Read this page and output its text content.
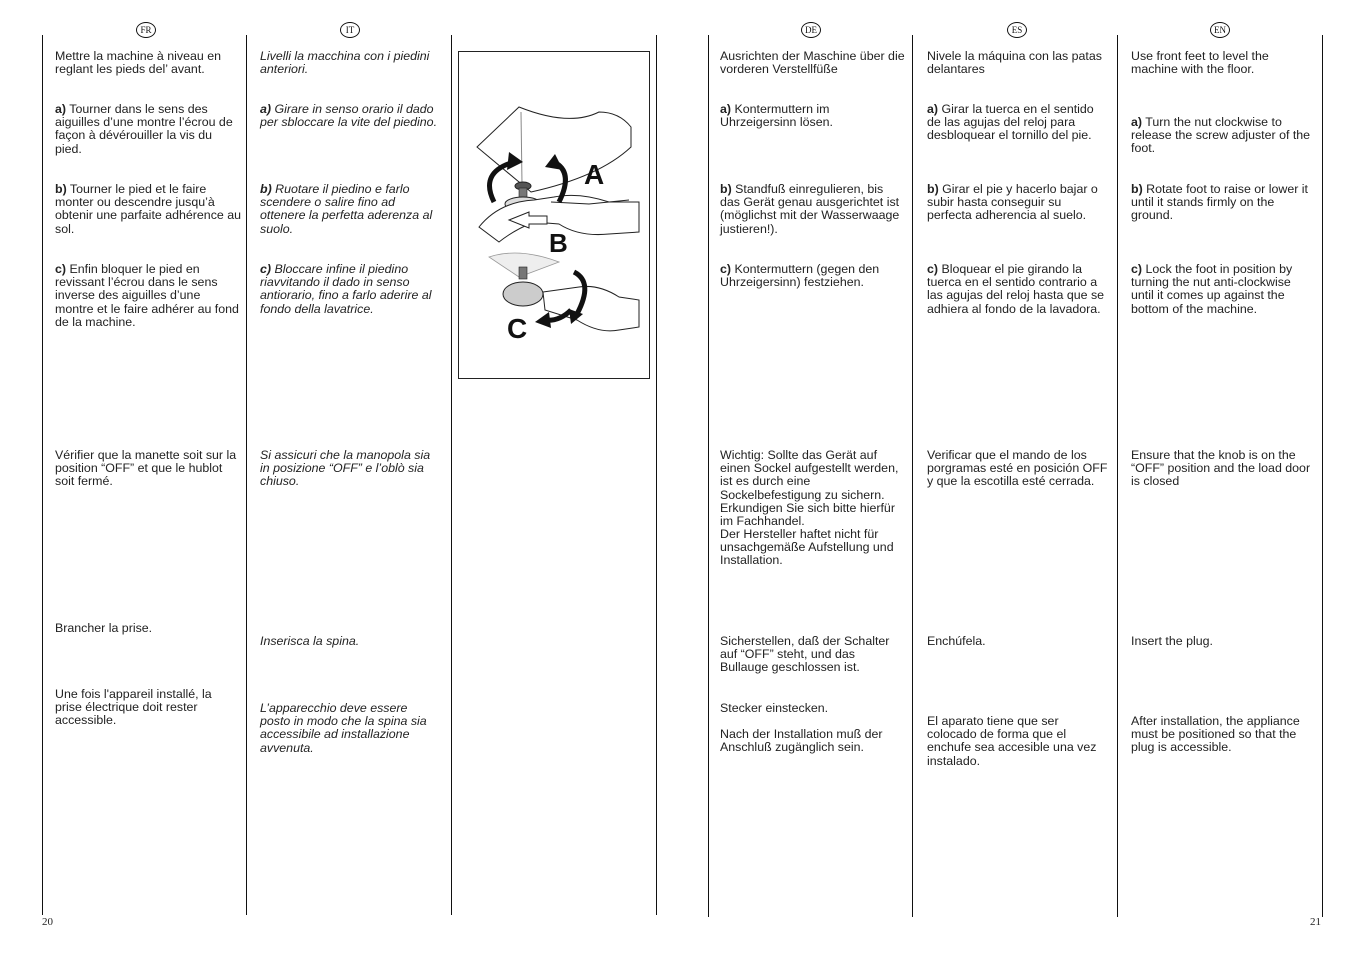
FR	IT	DE	ES	EN

Mettre la machine à niveau en reglant les pieds del’ avant.

a) Tourner dans le sens des aiguilles d’une montre l’écrou de façon à dévérouiller la vis du pied.

b) Tourner le pied et le faire monter ou descendre jusqu’à obtenir une parfaite adhérence au sol.

c) Enfin bloquer le pied en revissant l’écrou dans le sens inverse des aiguilles d’une montre et le faire adhérer au fond de la machine.

Vérifier que la manette soit sur la position “OFF” et que le hublot soit fermé.

Brancher la prise.

Une fois l'appareil installé, la prise électrique doit rester accessible.

Livelli la macchina con i piedini anteriori.

a) Girare in senso orario il dado per sbloccare la vite del piedino.

b) Ruotare il piedino e farlo scendere o salire fino ad ottenere la perfetta aderenza al suolo.

c) Bloccare infine il piedino riavvitando il dado in senso antiorario, fino a farlo aderire al fondo della lavatrice.

Si assicuri che la manopola sia in posizione “OFF” e l’oblò sia chiuso.

Inserisca la spina.

L’apparecchio deve essere posto in modo che la spina sia accessibile ad installazione avvenuta.

A
B
C

Ausrichten der Maschine über die vorderen Verstellfüße

a) Kontermuttern im Uhrzeigersinn lösen.

b) Standfuß einregulieren, bis das Gerät genau ausgerichtet ist (möglichst mit der Wasserwaage justieren!).

c) Kontermuttern (gegen den Uhrzeigersinn) festziehen.

Wichtig: Sollte das Gerät auf einen Sockel aufgestellt werden, ist es durch eine Sockelbefestigung zu sichern. Erkundigen Sie sich bitte hierfür im Fachhandel.

Der Hersteller haftet nicht für unsachgemäße Aufstellung und Installation.

Sicherstellen, daß der Schalter auf “OFF” steht, und das Bullauge geschlossen ist.

Stecker einstecken.

Nach der Installation muß der Anschluß zugänglich sein.

Nivele la máquina con las patas delantares

a) Girar la tuerca en el sentido de las agujas del reloj para desbloquear el tornillo del pie.

b) Girar el pie y hacerlo bajar o subir hasta conseguir su perfecta adherencia al suelo.

c) Bloquear el pie girando la tuerca en el sentido contrario a las agujas del reloj hasta que se adhiera al fondo de la lavadora.

Verificar que el mando de los porgramas esté en posición OFF y que la escotilla esté cerrada.

Enchúfela.

El aparato tiene que ser colocado de forma que el enchufe sea accesible una vez instalado.

Use front feet to level the machine with the floor.

a) Turn the nut clockwise to release the screw adjuster of the foot.

b) Rotate foot to raise or lower it until it stands firmly on the ground.

c) Lock the foot in position by turning the nut anti-clockwise until it comes up against the bottom of the machine.

Ensure that the knob is on the “OFF” position and the load door is closed

Insert the plug.

After installation, the appliance must be positioned so that the plug is accessible.

20	21
